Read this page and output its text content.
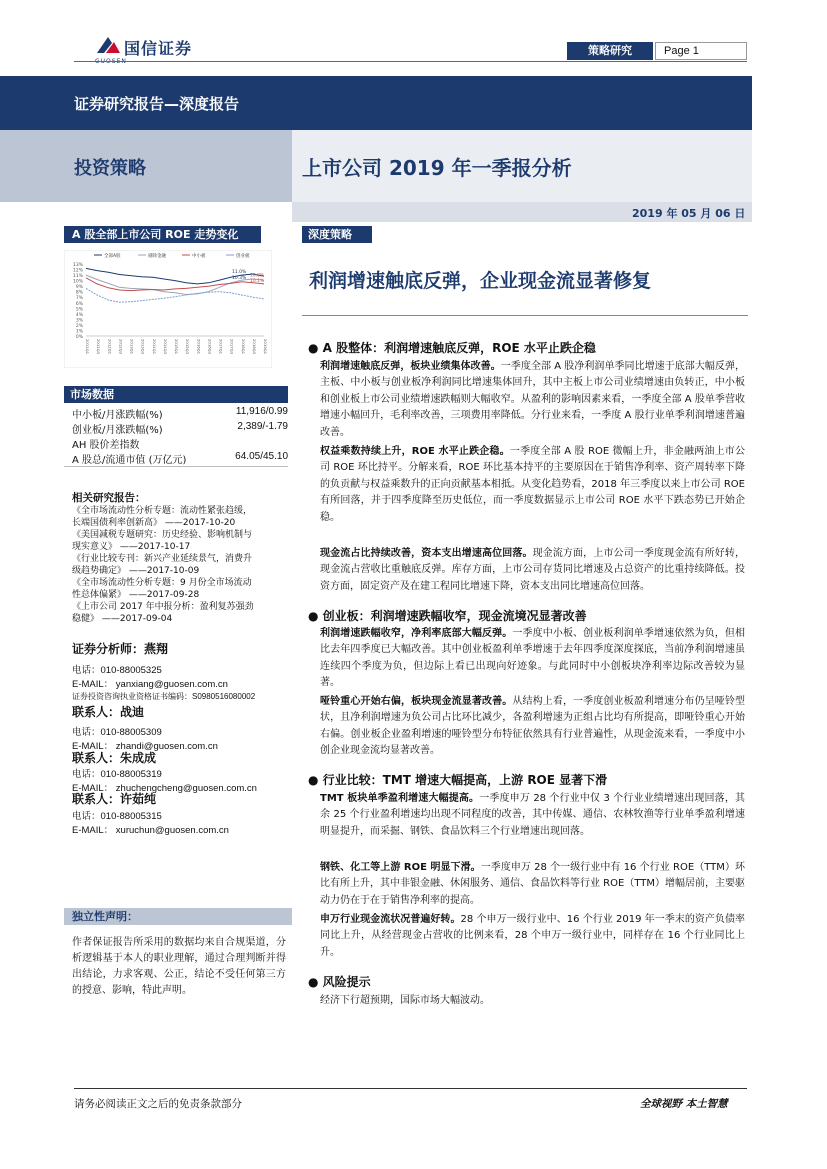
国信证券	策略研究	Page 1
证券研究报告—深度报告
投资策略	上市公司 2019 年一季报分析
2019 年 05 月 06 日
A 股全部上市公司 ROE 走势变化
0%
1%
2%
3%
4%
5%
6%
7%
8%
9%
10%
11%
12%
13%
2011Q1 2011Q3 2012Q1 2012Q3 2013Q1 2013Q3 2014Q1 2014Q3 2015Q1 2015Q3 2016Q1 2016Q3 2017Q1 2017Q3 2018Q1 2018Q3 2019Q1
全部A股	剔除金融	中小板	创业板
11.0%
10.8%
10.3%
10.1%
市场数据
中小板/月涨跌幅(%)	11,916/0.99
创业板/月涨跌幅(%)	2,389/-1.79
AH 股价差指数
A 股总/流通市值 (万亿元)	64.05/45.10
相关研究报告：
《全市场流动性分析专题：流动性紧张趋缓，
长端国债利率创新高》 ——2017-10-20
《美国减税专题研究：历史经验、影响机制与
现实意义》 ——2017-10-17
《行业比较专刊：新兴产业延续景气，消费升
级趋势确定》 ——2017-10-09
《全市场流动性分析专题：9 月份全市场流动
性总体偏紧》 ——2017-09-28
《上市公司 2017 年中报分析：盈利复苏强劲
稳健》 ——2017-09-04
证券分析师：燕翔
电话：010-88005325
E-MAIL： yanxiang@guosen.com.cn
证券投资咨询执业资格证书编码：S0980516080002
联系人：战迪
电话：010-88005309
E-MAIL： zhandi@guosen.com.cn
联系人：朱成成
电话：010-88005319
E-MAIL： zhuchengcheng@guosen.com.cn
联系人：许茹纯
电话：010-88005315
E-MAIL： xuruchun@guosen.com.cn
独立性声明：
作者保证报告所采用的数据均来自合规渠道，分析逻辑基于本人的职业理解，通过合理判断并得出结论，力求客观、公正，结论不受任何第三方的授意、影响，特此声明。
深度策略
利润增速触底反弹，企业现金流显著修复
● A 股整体：利润增速触底反弹，ROE 水平止跌企稳
利润增速触底反弹，板块业绩集体改善。一季度全部 A 股净利润单季同比增速于底部大幅反弹，主板、中小板与创业板净利润同比增速集体回升，其中主板上市公司业绩增速由负转正，中小板和创业板上市公司业绩增速跌幅则大幅收窄。从盈利的影响因素来看，一季度全部 A 股单季营收增速小幅回升，毛利率改善，三项费用率降低。分行业来看，一季度 A 股行业单季利润增速普遍改善。
权益乘数持续上升，ROE 水平止跌企稳。一季度全部 A 股 ROE 微幅上升，非金融两油上市公司 ROE 环比持平。分解来看，ROE 环比基本持平的主要原因在于销售净利率、资产周转率下降的负贡献与权益乘数升的正向贡献基本相抵。从变化趋势看，2018 年三季度以来上市公司 ROE 有所回落，并于四季度降至历史低位，而一季度数据显示上市公司 ROE 水平下跌态势已开始企稳。
现金流占比持续改善，资本支出增速高位回落。现金流方面，上市公司一季度现金流有所好转，现金流占营收比重触底反弹。库存方面，上市公司存货同比增速及占总资产的比重持续降低。投资方面，固定资产及在建工程同比增速下降，资本支出同比增速高位回落。
● 创业板：利润增速跌幅收窄，现金流境况显著改善
利润增速跌幅收窄，净利率底部大幅反弹。一季度中小板、创业板利润单季增速依然为负，但相比去年四季度已大幅改善。其中创业板盈利单季增速于去年四季度深度探底，当前净利润增速虽连续四个季度为负，但边际上看已出现向好迹象。与此同时中小创板块净利率边际改善较为显著。
哑铃重心开始右偏，板块现金流显著改善。从结构上看，一季度创业板盈利增速分布仍呈哑铃型状，且净利润增速为负公司占比环比减少，各盈利增速为正组占比均有所提高，即哑铃重心开始右偏。创业板企业盈利增速的哑铃型分布特征依然具有行业普遍性，从现金流来看，一季度中小创企业现金流均显著改善。
● 行业比较：TMT 增速大幅提高，上游 ROE 显著下滑
TMT 板块单季盈利增速大幅提高。一季度申万 28 个行业中仅 3 个行业业绩增速出现回落，其余 25 个行业盈利增速均出现不同程度的改善，其中传媒、通信、农林牧渔等行业单季盈利增速明显提升，而采掘、钢铁、食品饮料三个行业增速出现回落。
钢铁、化工等上游 ROE 明显下滑。一季度申万 28 个一级行业中有 16 个行业 ROE（TTM）环比有所上升，其中非银金融、休闲服务、通信、食品饮料等行业 ROE（TTM）增幅居前，主要驱动力仍在于在于销售净利率的提高。
申万行业现金流状况普遍好转。28 个申万一级行业中、16 个行业 2019 年一季末的资产负债率同比上升，从经营现金占营收的比例来看，28 个申万一级行业中，同样存在 16 个行业同比上升。
● 风险提示
经济下行超预期，国际市场大幅波动。
请务必阅读正文之后的免责条款部分	全球视野 本土智慧
